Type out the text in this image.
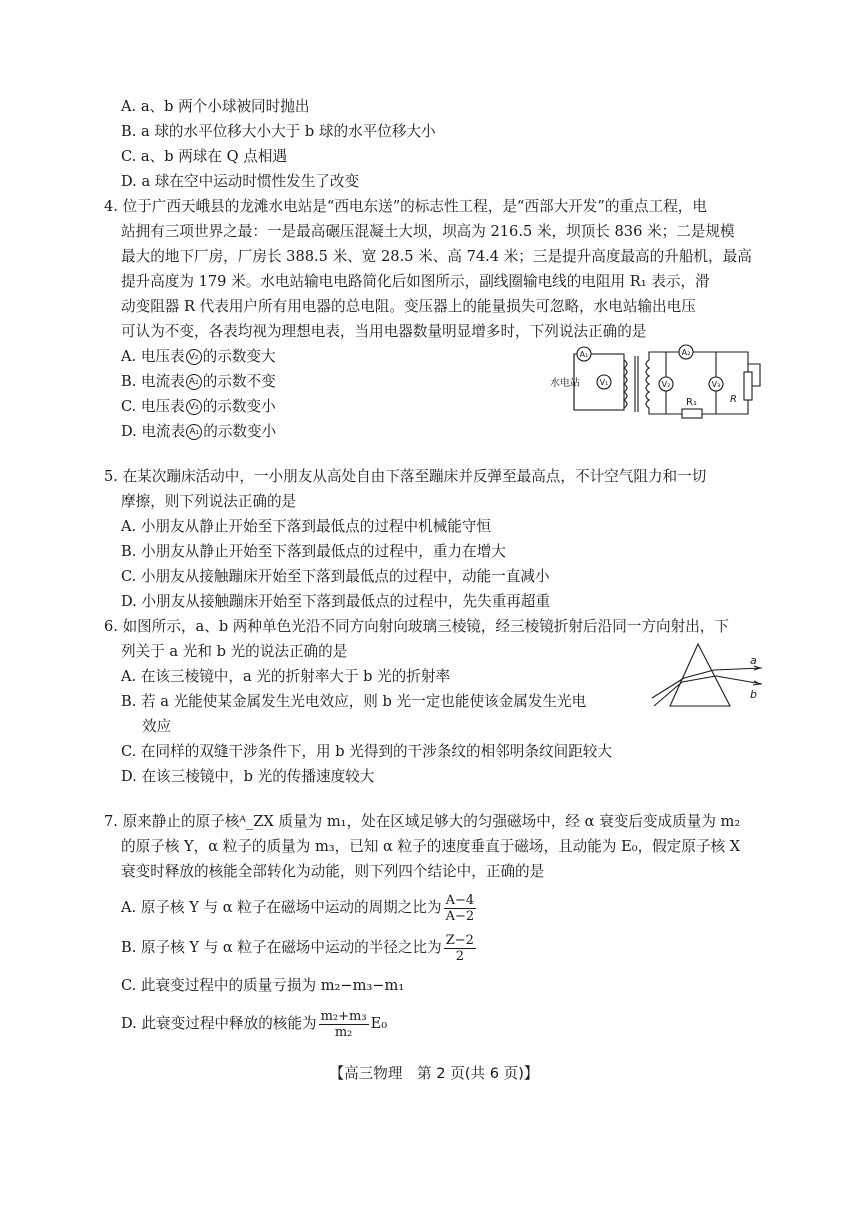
A. a、b 两个小球被同时抛出
B. a 球的水平位移大小大于 b 球的水平位移大小
C. a、b 两球在 Q 点相遇
D. a 球在空中运动时惯性发生了改变
4. 位于广西天峨县的龙滩水电站是“西电东送”的标志性工程，是“西部大开发”的重点工程，电
站拥有三项世界之最：一是最高碾压混凝土大坝，坝高为 216.5 米，坝顶长 836 米；二是规模
最大的地下厂房，厂房长 388.5 米、宽 28.5 米、高 74.4 米；三是提升高度最高的升船机，最高
提升高度为 179 米。水电站输电电路简化后如图所示，副线圈输电线的电阻用 R₁ 表示，滑
动变阻器 R 代表用户所有用电器的总电阻。变压器上的能量损失可忽略，水电站输出电压
可认为不变，各表均视为理想电表，当用电器数量明显增多时，下列说法正确的是
A. 电压表 V₂ 的示数变大
B. 电流表 A₂ 的示数不变
C. 电压表 V₃ 的示数变小
D. 电流表 A₁ 的示数变小
A₁
V₁
A₂
V₂	V₃
水电站
R₁	R
5. 在某次蹦床活动中，一小朋友从高处自由下落至蹦床并反弹至最高点，不计空气阻力和一切
摩擦，则下列说法正确的是
A. 小朋友从静止开始至下落到最低点的过程中机械能守恒
B. 小朋友从静止开始至下落到最低点的过程中，重力在增大
C. 小朋友从接触蹦床开始至下落到最低点的过程中，动能一直减小
D. 小朋友从接触蹦床开始至下落到最低点的过程中，先失重再超重
6. 如图所示，a、b 两种单色光沿不同方向射向玻璃三棱镜，经三棱镜折射后沿同一方向射出，下
列关于 a 光和 b 光的说法正确的是
A. 在该三棱镜中，a 光的折射率大于 b 光的折射率
B. 若 a 光能使某金属发生光电效应，则 b 光一定也能使该金属发生光电
效应
C. 在同样的双缝干涉条件下，用 b 光得到的干涉条纹的相邻明条纹间距较大
D. 在该三棱镜中，b 光的传播速度较大
a
b
7. 原来静止的原子核ᴬ_ZX 质量为 m₁，处在区域足够大的匀强磁场中，经 α 衰变后变成质量为 m₂
的原子核 Y，α 粒子的质量为 m₃，已知 α 粒子的速度垂直于磁场，且动能为 E₀，假定原子核 X
衰变时释放的核能全部转化为动能，则下列四个结论中，正确的是
A. 原子核 Y 与 α 粒子在磁场中运动的周期之比为 $\frac{A-4}{A-2}$
B. 原子核 Y 与 α 粒子在磁场中运动的半径之比为 $\frac{Z-2}{2}$
C. 此衰变过程中的质量亏损为 m₂−m₃−m₁
D. 此衰变过程中释放的核能为 $\frac{\text{m₂+m₃}}{\text{m₂}} E_0$
【高三物理　第 2 页(共 6 页)】
